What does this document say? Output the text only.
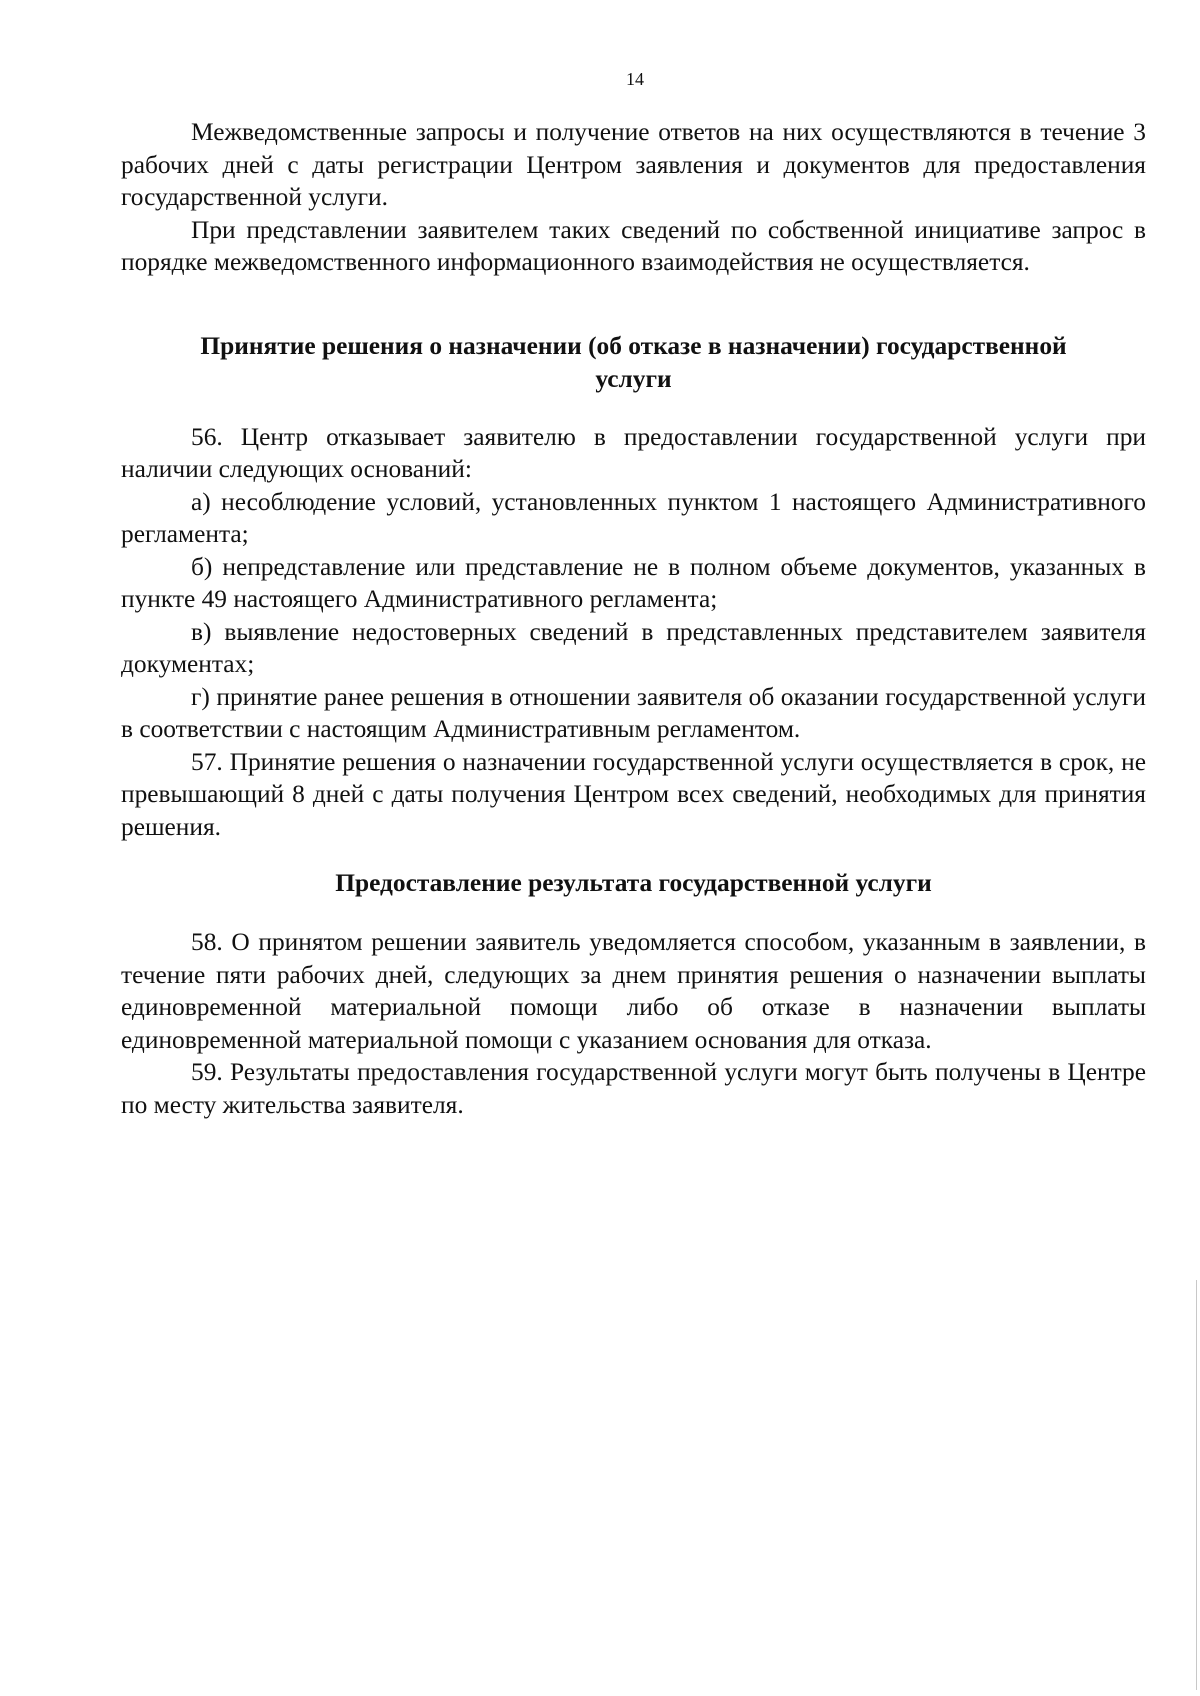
14

Межведомственные запросы и получение ответов на них осуществляются в течение 3 рабочих дней с даты регистрации Центром заявления и документов для предоставления государственной услуги.

При представлении заявителем таких сведений по собственной инициативе запрос в порядке межведомственного информационного взаимодействия не осуществляется.

Принятие решения о назначении (об отказе в назначении) государственной
услуги

56. Центр отказывает заявителю в предоставлении государственной услуги при наличии следующих оснований:

а) несоблюдение условий, установленных пунктом 1 настоящего Административного регламента;

б) непредставление или представление не в полном объеме документов, указанных в пункте 49 настоящего Административного регламента;

в) выявление недостоверных сведений в представленных представителем заявителя документах;

г) принятие ранее решения в отношении заявителя об оказании государственной услуги в соответствии с настоящим Административным регламентом.

57. Принятие решения о назначении государственной услуги осуществляется в срок, не превышающий 8 дней с даты получения Центром всех сведений, необходимых для принятия решения.

Предоставление результата государственной услуги

58. О принятом решении заявитель уведомляется способом, указанным в заявлении, в течение пяти рабочих дней, следующих за днем принятия решения о назначении выплаты единовременной материальной помощи либо об отказе в назначении выплаты единовременной материальной помощи с указанием основания для отказа.

59. Результаты предоставления государственной услуги могут быть получены в Центре по месту жительства заявителя.
